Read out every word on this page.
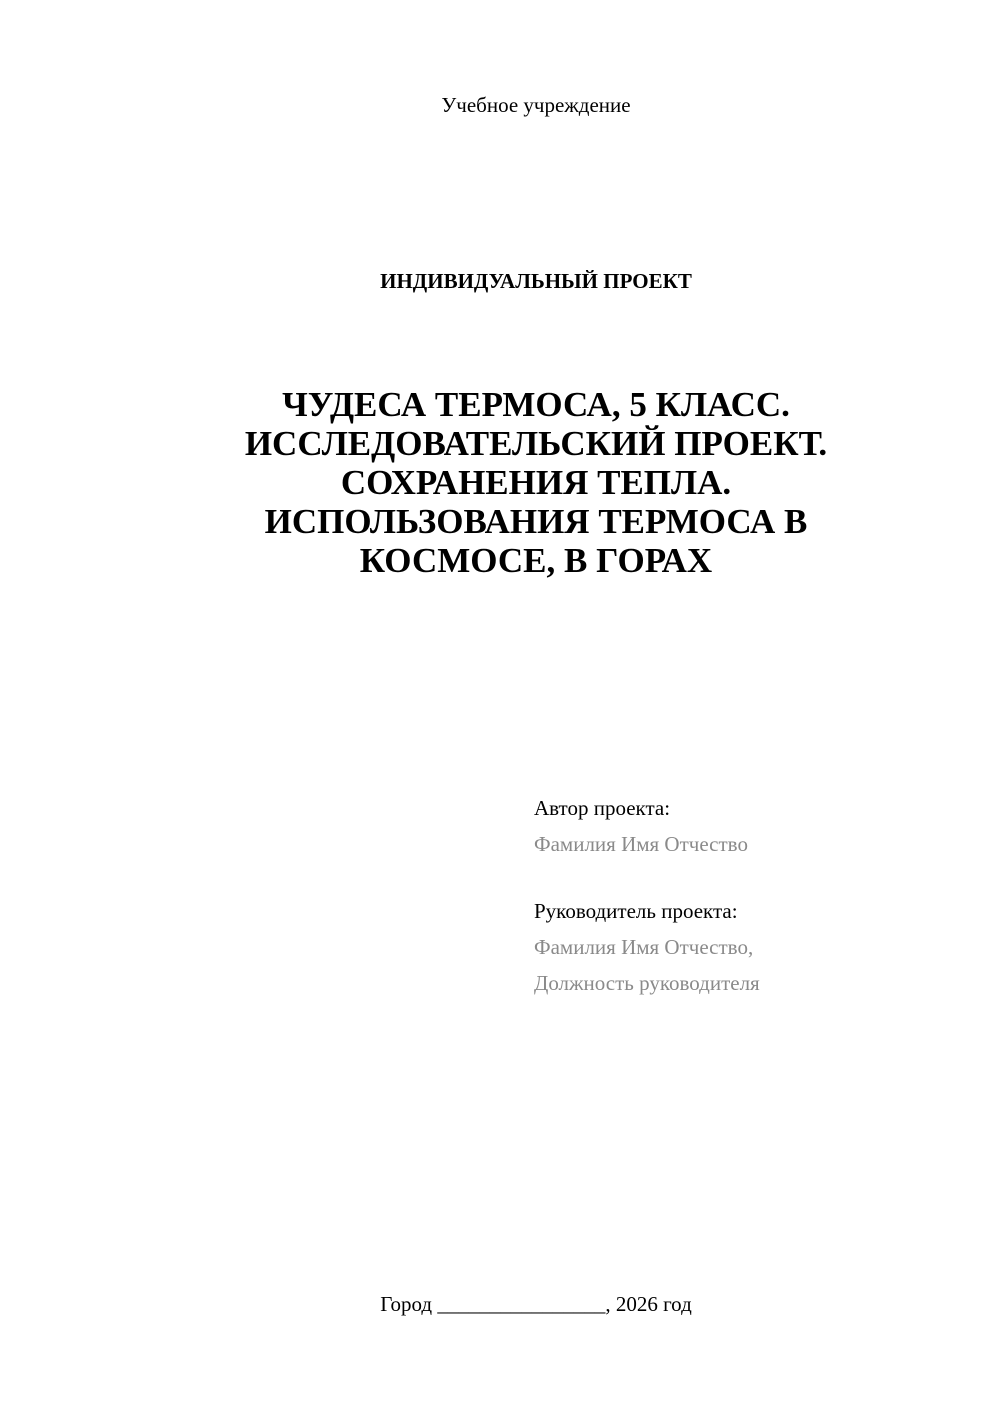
Учебное учреждение
ИНДИВИДУАЛЬНЫЙ ПРОЕКТ
ЧУДЕСА ТЕРМОСА, 5 КЛАСС.
ИССЛЕДОВАТЕЛЬСКИЙ ПРОЕКТ.
СОХРАНЕНИЯ ТЕПЛА.
ИСПОЛЬЗОВАНИЯ ТЕРМОСА В
КОСМОСЕ, В ГОРАХ
Автор проекта:
Фамилия Имя Отчество
Руководитель проекта:
Фамилия Имя Отчество,
Должность руководителя
Город ________________, 2026 год
